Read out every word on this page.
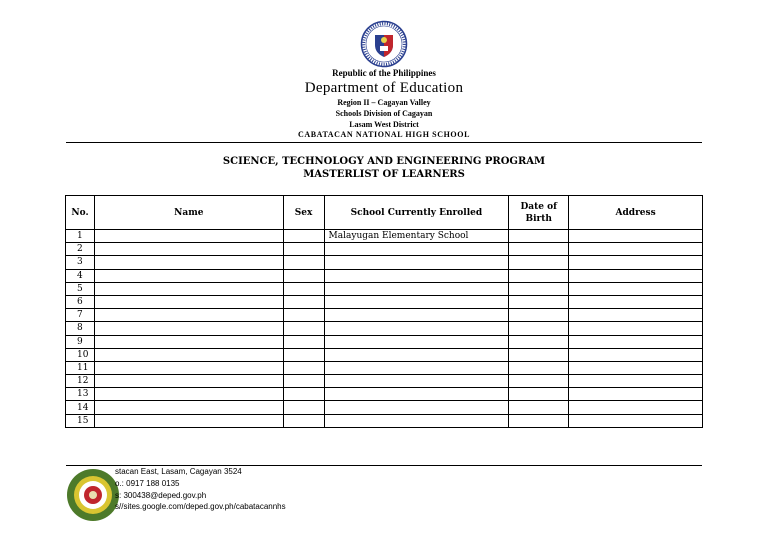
Republic of the Philippines
Department of Education
Region II – Cagayan Valley
Schools Division of Cagayan
Lasam West District
CABATACAN NATIONAL HIGH SCHOOL
SCIENCE, TECHNOLOGY AND ENGINEERING PROGRAM
MASTERLIST OF LEARNERS
No.	Name	Sex	School Currently Enrolled	Date of Birth	Address
1			Malayugan Elementary School		
2					
3					
4					
5					
6					
7					
8					
9					
10					
11					
12					
13					
14					
15					
stacan East, Lasam, Cagayan 3524
o.: 0917 188 0135
s: 300438@deped.gov.ph
s//sites.google.com/deped.gov.ph/cabatacannhs
